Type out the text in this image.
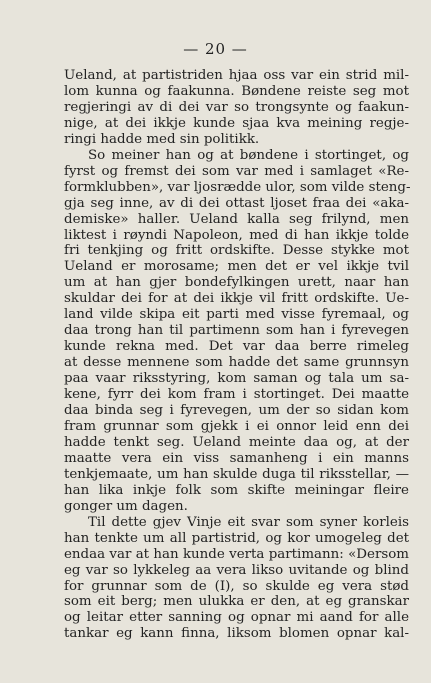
— 20 —
Ueland, at partistriden hjaa oss var ein strid mil-
lom kunna og faakunna. Bøndene reiste seg mot
regjeringi av di dei var so trongsynte og faakun-
nige, at dei ikkje kunde sjaa kva meining regje-
ringi hadde med sin politikk.
So meiner han og at bøndene i stortinget, og
fyrst og fremst dei som var med i samlaget «Re-
formklubben», var ljosrædde ulor, som vilde steng-
gja seg inne, av di dei ottast ljoset fraa dei «aka-
demiske» haller. Ueland kalla seg frilynd, men
liktest i røyndi Napoleon, med di han ikkje tolde
fri tenkjing og fritt ordskifte. Desse stykke mot
Ueland er morosame; men det er vel ikkje tvil
um at han gjer bondefylkingen urett, naar han
skuldar dei for at dei ikkje vil fritt ordskifte. Ue-
land vilde skipa eit parti med visse fyremaal, og
daa trong han til partimenn som han i fyrevegen
kunde rekna med. Det var daa berre rimeleg
at desse mennene som hadde det same grunnsyn
paa vaar riksstyring, kom saman og tala um sa-
kene, fyrr dei kom fram i stortinget. Dei maatte
daa binda seg i fyrevegen, um der so sidan kom
fram grunnar som gjekk i ei onnor leid enn dei
hadde tenkt seg. Ueland meinte daa og, at der
maatte vera ein viss samanheng i ein manns
tenkjemaate, um han skulde duga til riksstellar, —
han lika inkje folk som skifte meiningar fleire
gonger um dagen.
Til dette gjev Vinje eit svar som syner korleis
han tenkte um all partistrid, og kor umogeleg det
endaa var at han kunde verta partimann: «Dersom
eg var so lykkeleg aa vera likso uvitande og blind
for grunnar som de (I), so skulde eg vera stød
som eit berg; men ulukka er den, at eg granskar
og leitar etter sanning og opnar mi aand for alle
tankar eg kann finna, liksom blomen opnar kal-
